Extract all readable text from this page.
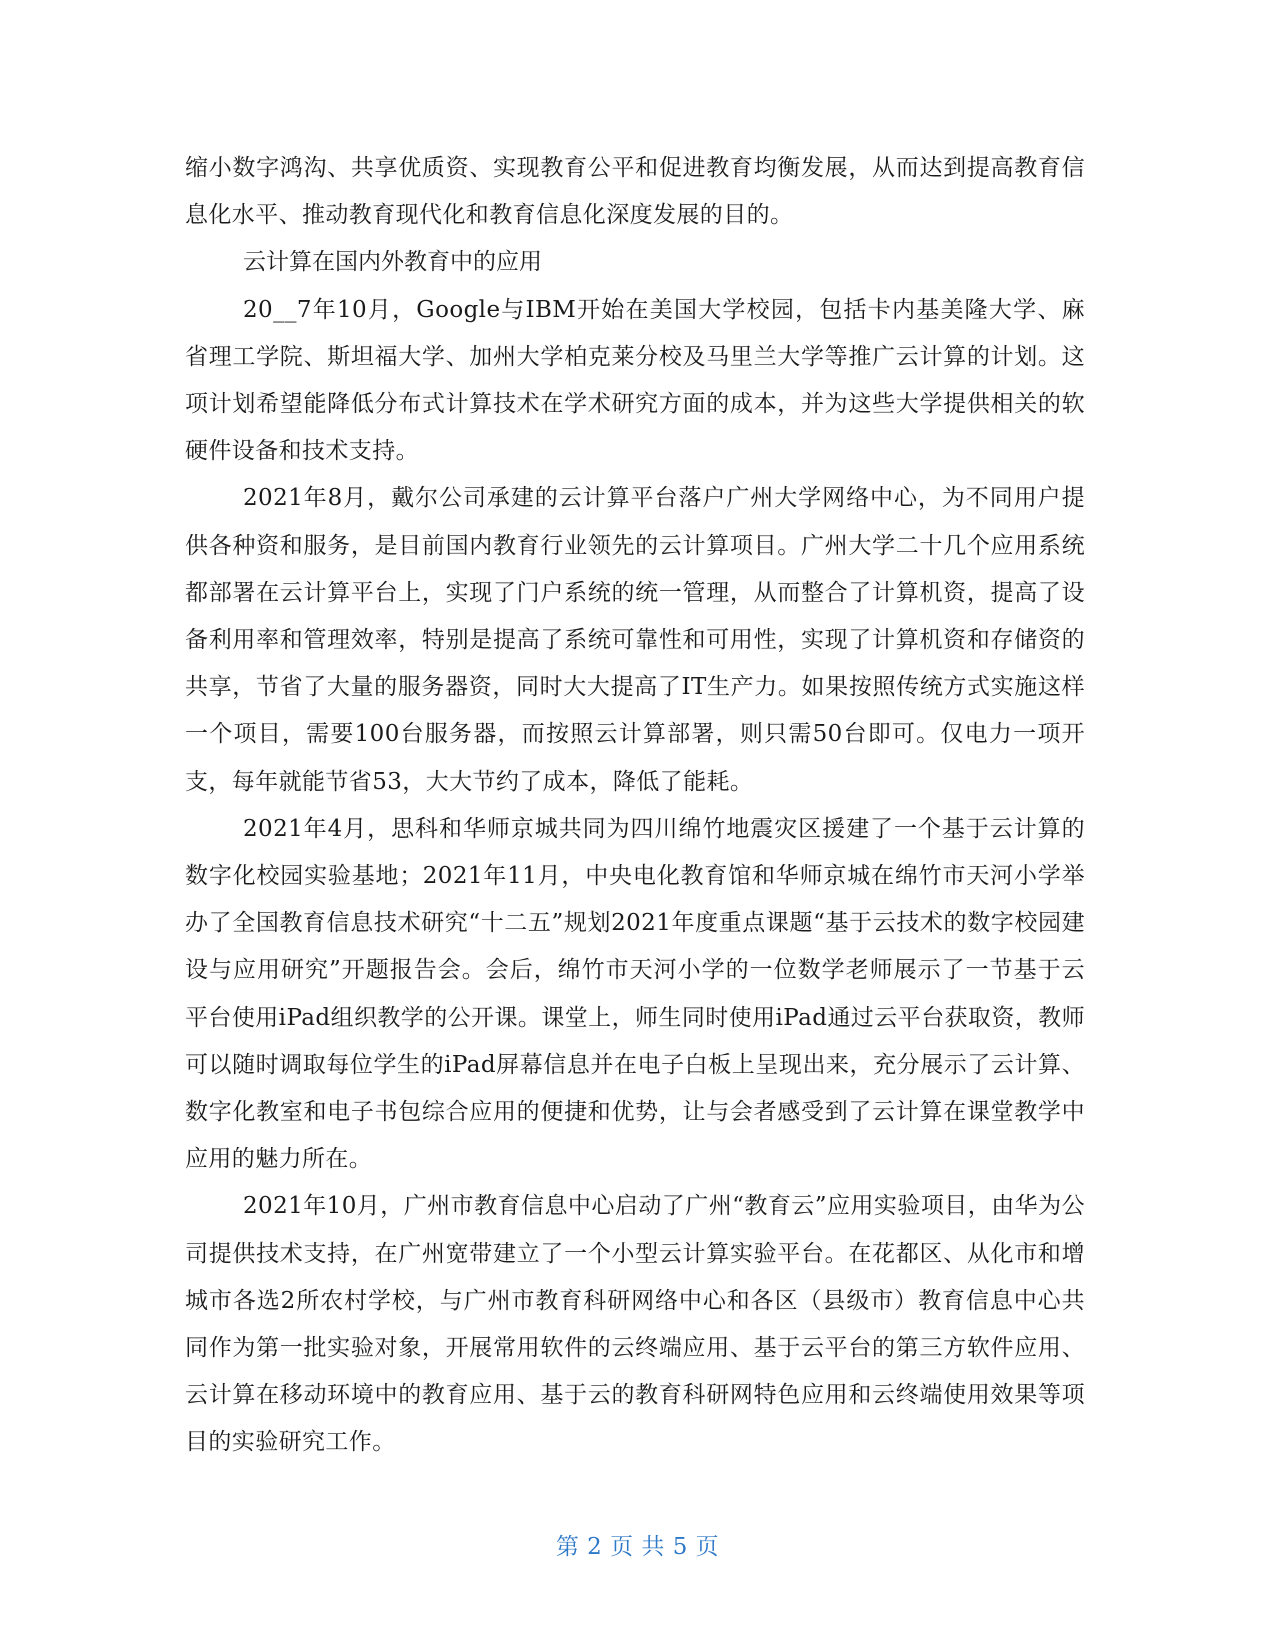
缩小数字鸿沟、共享优质资、实现教育公平和促进教育均衡发展，从而达到提高教育信息化水平、推动教育现代化和教育信息化深度发展的目的。

云计算在国内外教育中的应用

20__7年10月，Google与IBM开始在美国大学校园，包括卡内基美隆大学、麻省理工学院、斯坦福大学、加州大学柏克莱分校及马里兰大学等推广云计算的计划。这项计划希望能降低分布式计算技术在学术研究方面的成本，并为这些大学提供相关的软硬件设备和技术支持。

2021年8月，戴尔公司承建的云计算平台落户广州大学网络中心，为不同用户提供各种资和服务，是目前国内教育行业领先的云计算项目。广州大学二十几个应用系统都部署在云计算平台上，实现了门户系统的统一管理，从而整合了计算机资，提高了设备利用率和管理效率，特别是提高了系统可靠性和可用性，实现了计算机资和存储资的共享，节省了大量的服务器资，同时大大提高了IT生产力。如果按照传统方式实施这样一个项目，需要100台服务器，而按照云计算部署，则只需50台即可。仅电力一项开支，每年就能节省53，大大节约了成本，降低了能耗。

2021年4月，思科和华师京城共同为四川绵竹地震灾区援建了一个基于云计算的数字化校园实验基地；2021年11月，中央电化教育馆和华师京城在绵竹市天河小学举办了全国教育信息技术研究“十二五”规划2021年度重点课题“基于云技术的数字校园建设与应用研究”开题报告会。会后，绵竹市天河小学的一位数学老师展示了一节基于云平台使用iPad组织教学的公开课。课堂上，师生同时使用iPad通过云平台获取资，教师可以随时调取每位学生的iPad屏幕信息并在电子白板上呈现出来，充分展示了云计算、数字化教室和电子书包综合应用的便捷和优势，让与会者感受到了云计算在课堂教学中应用的魅力所在。

2021年10月，广州市教育信息中心启动了广州“教育云”应用实验项目，由华为公司提供技术支持，在广州宽带建立了一个小型云计算实验平台。在花都区、从化市和增城市各选2所农村学校，与广州市教育科研网络中心和各区（县级市）教育信息中心共同作为第一批实验对象，开展常用软件的云终端应用、基于云平台的第三方软件应用、云计算在移动环境中的教育应用、基于云的教育科研网特色应用和云终端使用效果等项目的实验研究工作。

第 2 页 共 5 页
